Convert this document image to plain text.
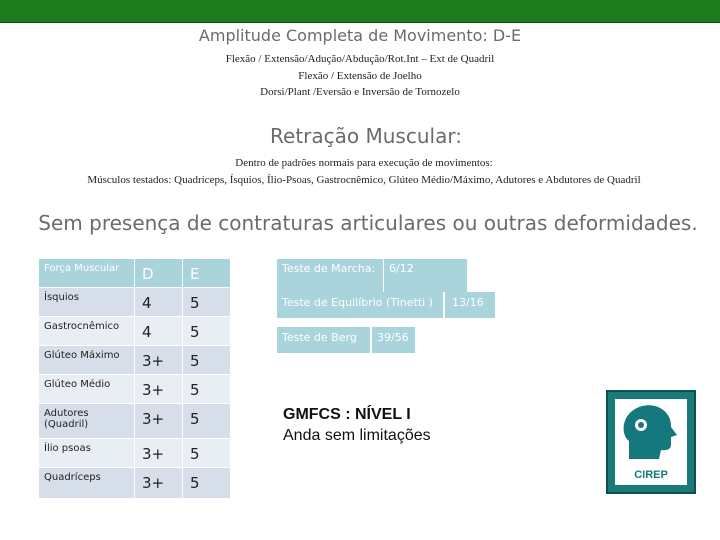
Amplitude Completa de Movimento: D-E
Flexão / Extensão/Adução/Abdução/Rot.Int – Ext de Quadril
Flexão / Extensão de Joelho
Dorsi/Plant /Eversão e Inversão de Tornozelo
Retração Muscular:
Dentro de padrões normais para execução de movimentos:
Músculos testados: Quadríceps, Ísquios, Ílio-Psoas, Gastrocnêmico, Glúteo Médio/Máximo, Adutores e Abdutores de Quadril
Sem presença de contraturas articulares ou outras deformidades.
Força Muscular	D	E
Ísquios	4	5
Gastrocnêmico	4	5
Glúteo Máximo	3+	5
Glúteo Médio	3+	5
Adutores (Quadril)	3+	5
Ílio psoas	3+	5
Quadríceps	3+	5
Teste de Marcha:	6/12
Teste de Equilíbrio (Tinetti )	13/16
Teste de Berg	39/56
GMFCS : NÍVEL I
Anda sem limitações
CIREP
